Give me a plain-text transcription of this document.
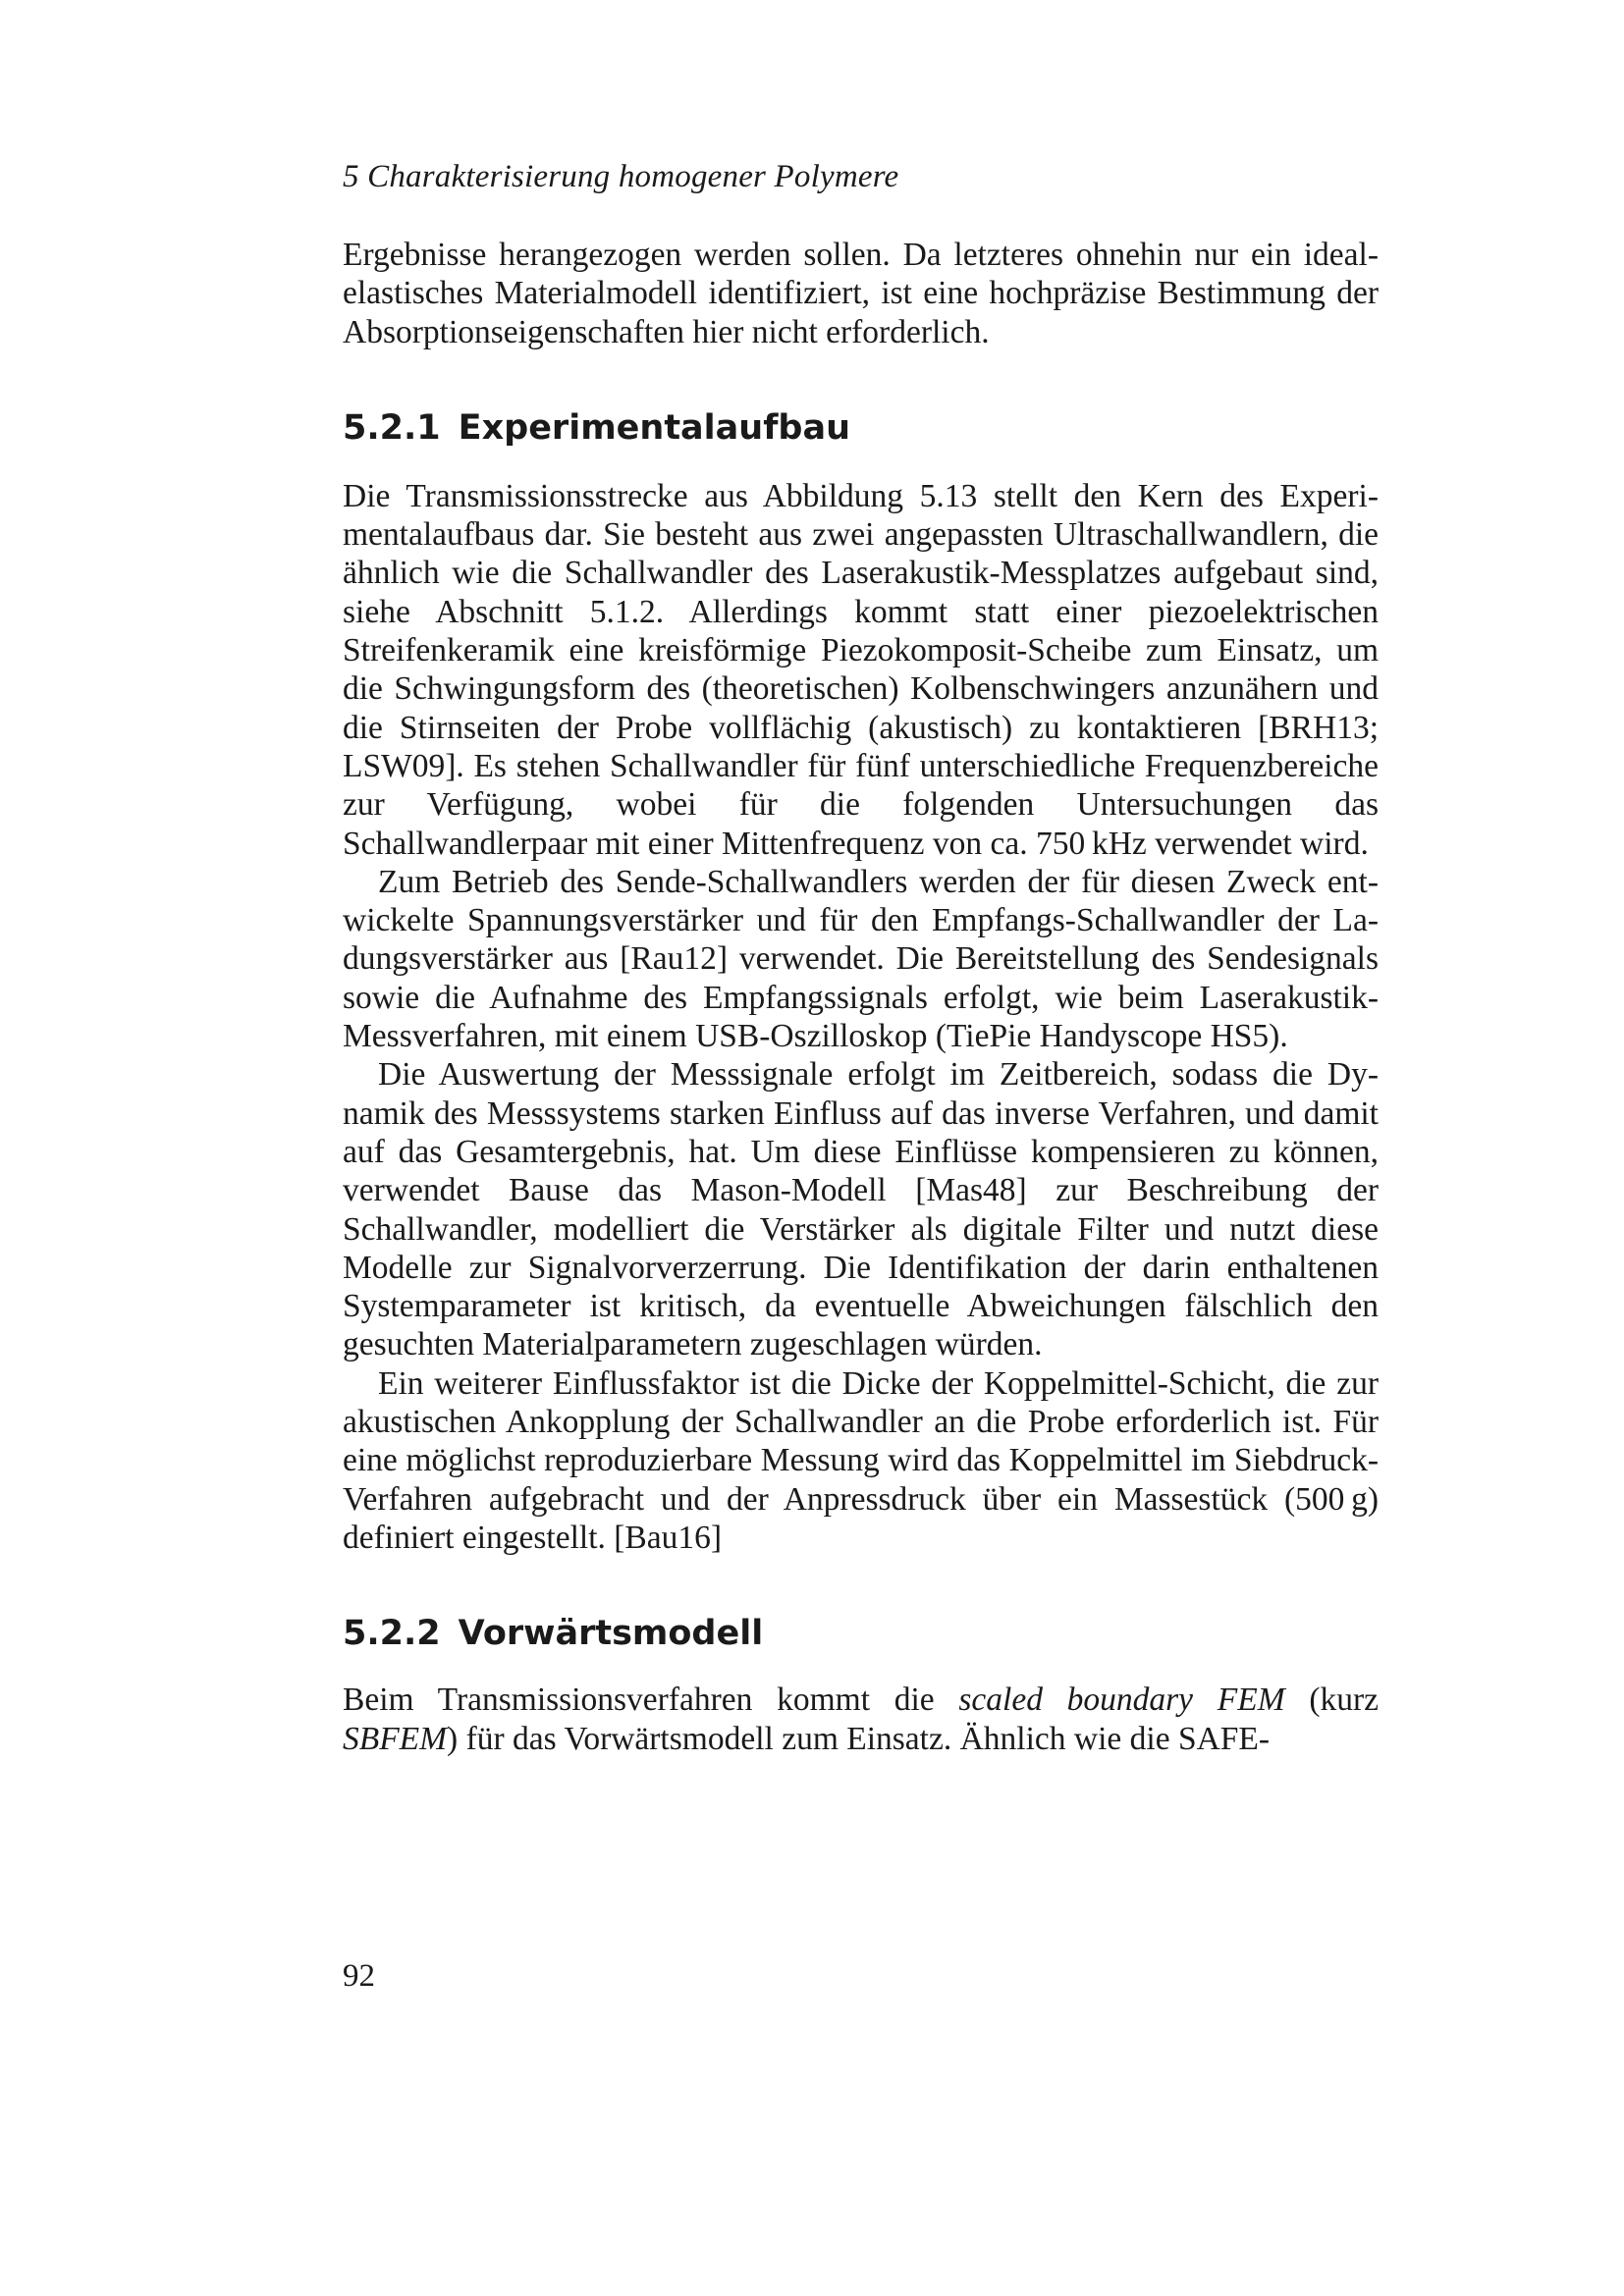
5 Charakterisierung homogener Polymere

Ergebnisse herangezogen werden sollen. Da letzteres ohnehin nur ein idealelastisches Materialmodell identifiziert, ist eine hochpräzise Bestimmung der Absorptionseigenschaften hier nicht erforderlich.

5.2.1 Experimentalaufbau

Die Transmissionsstrecke aus Abbildung 5.13 stellt den Kern des Experimentalaufbaus dar. Sie besteht aus zwei angepassten Ultraschallwandlern, die ähnlich wie die Schallwandler des Laserakustik-Messplatzes aufgebaut sind, siehe Abschnitt 5.1.2. Allerdings kommt statt einer piezoelektrischen Streifenkeramik eine kreisförmige Piezokomposit-Scheibe zum Einsatz, um die Schwingungsform des (theoretischen) Kolbenschwingers anzunähern und die Stirnseiten der Probe vollflächig (akustisch) zu kontaktieren [BRH13; LSW09]. Es stehen Schallwandler für fünf unterschiedliche Frequenzbereiche zur Verfügung, wobei für die folgenden Untersuchungen das Schallwandlerpaar mit einer Mittenfrequenz von ca. 750 kHz verwendet wird.

Zum Betrieb des Sende-Schallwandlers werden der für diesen Zweck entwickelte Spannungsverstärker und für den Empfangs-Schallwandler der Ladungsverstärker aus [Rau12] verwendet. Die Bereitstellung des Sendesignals sowie die Aufnahme des Empfangssignals erfolgt, wie beim Laserakustik-Messverfahren, mit einem USB-Oszilloskop (TiePie Handyscope HS5).

Die Auswertung der Messsignale erfolgt im Zeitbereich, sodass die Dynamik des Messsystems starken Einfluss auf das inverse Verfahren, und damit auf das Gesamtergebnis, hat. Um diese Einflüsse kompensieren zu können, verwendet Bause das Mason-Modell [Mas48] zur Beschreibung der Schallwandler, modelliert die Verstärker als digitale Filter und nutzt diese Modelle zur Signalvorverzerrung. Die Identifikation der darin enthaltenen Systemparameter ist kritisch, da eventuelle Abweichungen fälschlich den gesuchten Materialparametern zugeschlagen würden.

Ein weiterer Einflussfaktor ist die Dicke der Koppelmittel-Schicht, die zur akustischen Ankopplung der Schallwandler an die Probe erforderlich ist. Für eine möglichst reproduzierbare Messung wird das Koppelmittel im Siebdruck-Verfahren aufgebracht und der Anpressdruck über ein Massestück (500 g) definiert eingestellt. [Bau16]

5.2.2 Vorwärtsmodell

Beim Transmissionsverfahren kommt die scaled boundary FEM (kurz SBFEM) für das Vorwärtsmodell zum Einsatz. Ähnlich wie die SAFE-

92
